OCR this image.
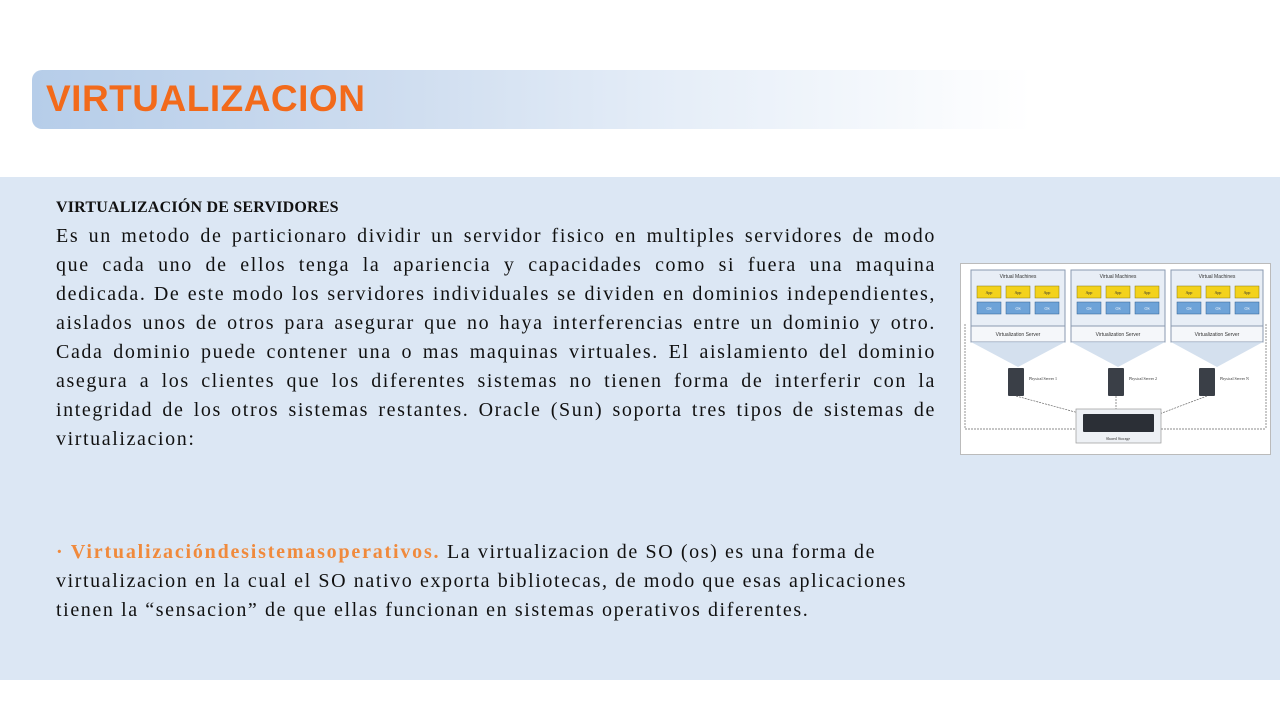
VIRTUALIZACION
VIRTUALIZACIÓN DE SERVIDORES

Es un metodo de particionaro dividir un servidor fisico en multiples servidores de modo que cada uno de ellos tenga la apariencia y capacidades como si fuera una maquina dedicada. De este modo los servidores individuales se dividen en dominios independientes, aislados unos de otros para asegurar que no haya interferencias entre un dominio y otro. Cada dominio puede contener una o mas maquinas virtuales. El aislamiento del dominio asegura a los clientes que los diferentes sistemas no tienen forma de interferir con la integridad de los otros sistemas restantes. Oracle (Sun) soporta tres tipos de sistemas de virtualizacion:

· Virtualizacióndesistemasoperativos. La virtualizacion de SO (os) es una forma de virtualizacion en la cual el SO nativo exporta bibliotecas, de modo que esas aplicaciones tienen la “sensacion” de que ellas funcionan en sistemas operativos diferentes.
Virtual Machines
App	App	App
OS	OS	OS
Virtualization Server
Physical Server 1
Virtual Machines
App	App	App
OS	OS	OS
Virtualization Server
Physical Server 2
Virtual Machines
App	App	App
OS	OS	OS
Virtualization Server
Physical Server N
Shared Storage
